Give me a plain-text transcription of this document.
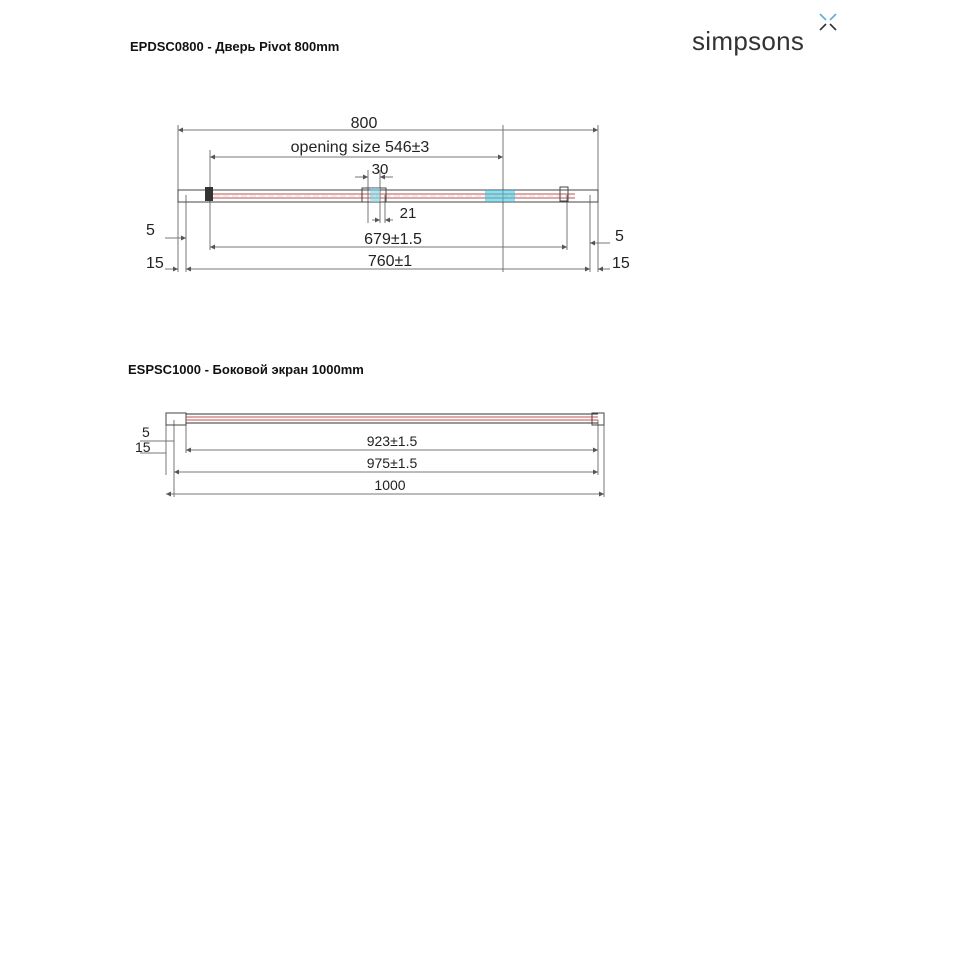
EPDSC0800 - Дверь Pivot 800mm
ESPSC1000 - Боковой экран 1000mm
simpsons
800
opening size 546±3
30
21
679±1.5
760±1
5
15
5
15
5
15	923±1.5
975±1.5
1000
